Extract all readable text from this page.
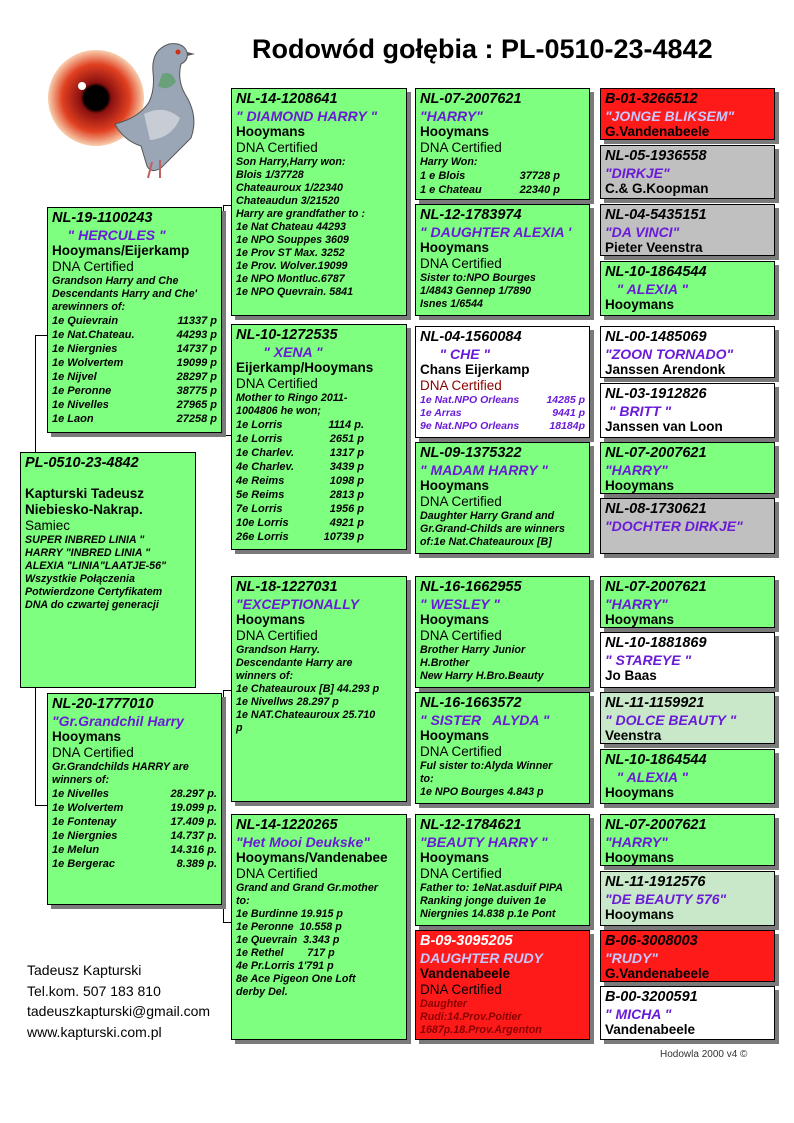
Rodowód gołębia : PL-0510-23-4842
PL-0510-23-4842
Kapturski Tadeusz
Niebiesko-Nakrap.
Samiec
SUPER INBRED LINIA "
HARRY "INBRED LINIA "
ALEXIA "LINIA"LAATJE-56"
Wszystkie Połączenia
Potwierdzone Certyfikatem
DNA do czwartej generacji
NL-19-1100243
" HERCULES "
Hooymans/Eijerkamp
DNA Certified
Grandson Harry and Che
Descendants Harry and Che'
arewinners of:
1e Quievrain	11337 p
1e Nat.Chateau.	44293 p
1e Niergnies	14737 p
1e Wolvertem	19099 p
1e Nijvel	28297 p
1e Peronne	38775 p
1e Nivelles	27965 p
1e Laon	27258 p
NL-20-1777010
"Gr.Grandchil Harry
Hooymans
DNA Certified
Gr.Grandchilds HARRY are
winners of:
1e Nivelles	28.297 p.
1e Wolvertem	19.099 p.
1e Fontenay	17.409 p.
1e Niergnies	14.737 p.
1e Melun	14.316 p.
1e Bergerac	8.389 p.
NL-14-1208641
" DIAMOND HARRY "
Hooymans
DNA Certified
Son Harry,Harry won:
Blois 1/37728
Chateauroux 1/22340
Chateaudun 3/21520
Harry are grandfather to :
1e Nat Chateau 44293
1e NPO Souppes 3609
1e Prov ST Max. 3252
1e Prov. Wolver.19099
1e NPO Montluc.6787
1e NPO Quevrain. 5841
NL-10-1272535
" XENA "
Eijerkamp/Hooymans
DNA Certified
Mother to Ringo 2011-
1004806 he won;
1e Lorris	1114 p.
1e Lorris	2651 p
1e Charlev.	1317 p
4e Charlev.	3439 p
4e Reims	1098 p
5e Reims	2813 p
7e Lorris	1956 p
10e Lorris	4921 p
26e Lorris	10739 p
NL-18-1227031
"EXCEPTIONALLY
Hooymans
DNA Certified
Grandson Harry.
Descendante Harry are
winners of:
1e Chateauroux [B] 44.293 p
1e Nivellws 28.297 p
1e NAT.Chateauroux 25.710
p
NL-14-1220265
"Het Mooi Deukske"
Hooymans/Vandenabee
DNA Certified
Grand and Grand Gr.mother
to:
1e Burdinne 19.915 p
1e Peronne  10.558 p
1e Quevrain  3.343 p
1e Rethel        717 p
4e Pr.Lorris 1'791 p
8e Ace Pigeon One Loft
derby Del.
NL-07-2007621
"HARRY"
Hooymans
DNA Certified
Harry Won:
1 e Blois	37728 p
1 e Chateau	22340 p
NL-12-1783974
" DAUGHTER ALEXIA '
Hooymans
DNA Certified
Sister to:NPO Bourges
1/4843 Gennep 1/7890
Isnes 1/6544
NL-04-1560084
" CHE "
Chans Eijerkamp
DNA Certified
1e Nat.NPO Orleans	14285 p
1e Arras	9441 p
9e Nat.NPO Orleans	18184p
NL-09-1375322
" MADAM HARRY "
Hooymans
DNA Certified
Daughter Harry Grand and
Gr.Grand-Childs are winners
of:1e Nat.Chateauroux [B]
NL-16-1662955
" WESLEY "
Hooymans
DNA Certified
Brother Harry Junior
H.Brother
New Harry H.Bro.Beauty
NL-16-1663572
" SISTER   ALYDA "
Hooymans
DNA Certified
Ful sister to:Alyda Winner
to:
1e NPO Bourges 4.843 p
NL-12-1784621
"BEAUTY HARRY "
Hooymans
DNA Certified
Father to: 1eNat.asduif PIPA
Ranking jonge duiven 1e
Niergnies 14.838 p.1e Pont
B-09-3095205
DAUGHTER RUDY
Vandenabeele
DNA Certified
Daughter
Rudi:14.Prov.Poitier
1687p.18.Prov.Argenton
B-01-3266512
"JONGE BLIKSEM"
G.Vandenabeele
NL-05-1936558
"DIRKJE"
C.& G.Koopman
NL-04-5435151
"DA VINCI"
Pieter Veenstra
NL-10-1864544
" ALEXIA "
Hooymans
NL-00-1485069
"ZOON TORNADO"
Janssen Arendonk
NL-03-1912826
" BRITT "
Janssen van Loon
NL-07-2007621
"HARRY"
Hooymans
NL-08-1730621
"DOCHTER DIRKJE"
NL-07-2007621
"HARRY"
Hooymans
NL-10-1881869
" STAREYE "
Jo Baas
NL-11-1159921
" DOLCE BEAUTY "
Veenstra
NL-10-1864544
" ALEXIA "
Hooymans
NL-07-2007621
"HARRY"
Hooymans
NL-11-1912576
"DE BEAUTY 576"
Hooymans
B-06-3008003
"RUDY"
G.Vandenabeele
B-00-3200591
" MICHA "
Vandenabeele
Tadeusz Kapturski
Tel.kom. 507 183 810
tadeuszkapturski@gmail.com
www.kapturski.com.pl
Hodowla 2000 v4 ©
